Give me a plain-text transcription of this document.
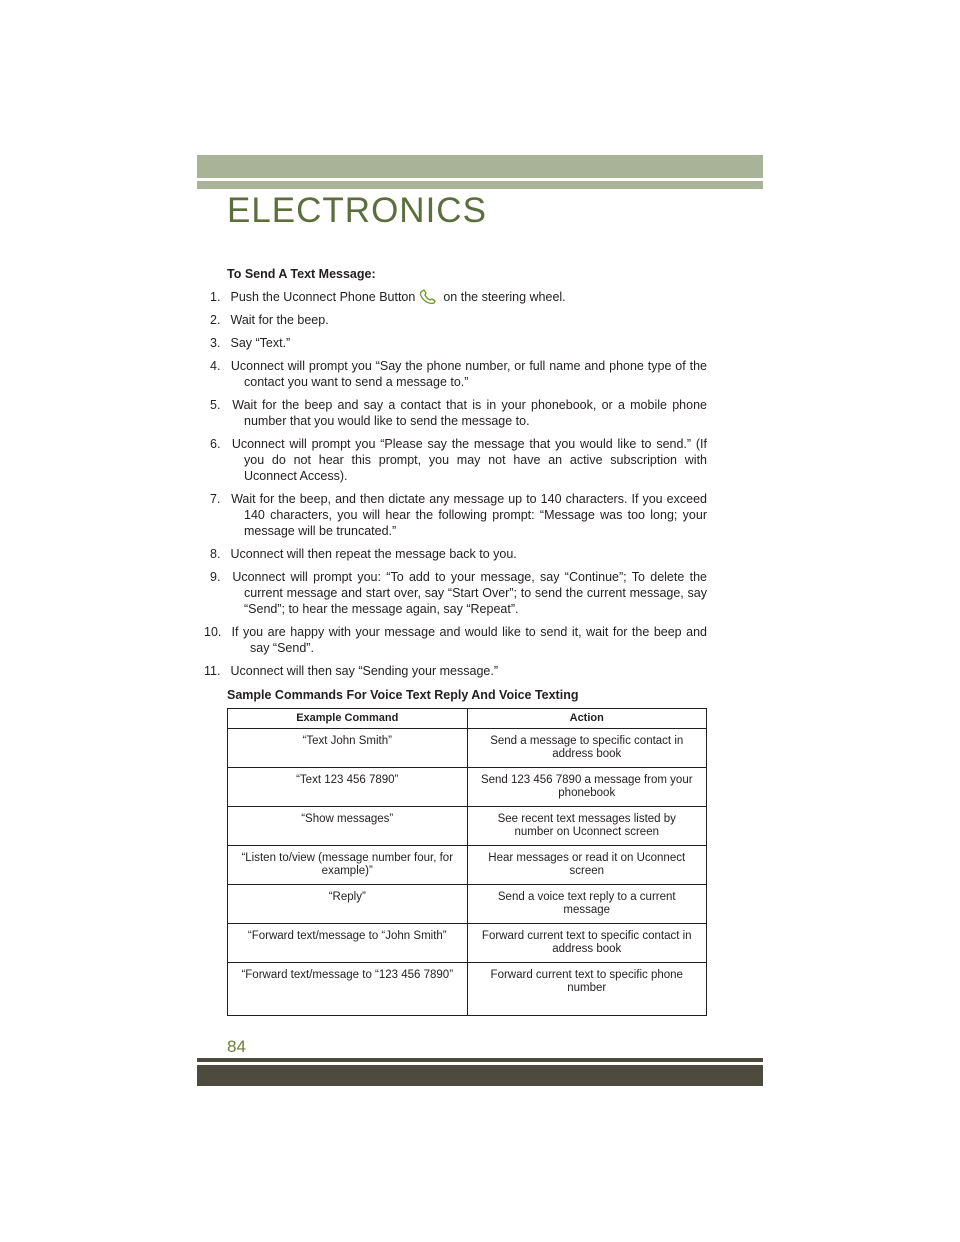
ELECTRONICS
To Send A Text Message:
1. Push the Uconnect Phone Button on the steering wheel.
2. Wait for the beep.
3. Say “Text.”
4. Uconnect will prompt you “Say the phone number, or full name and phone type of the contact you want to send a message to.”
5. Wait for the beep and say a contact that is in your phonebook, or a mobile phone number that you would like to send the message to.
6. Uconnect will prompt you “Please say the message that you would like to send.” (If you do not hear this prompt, you may not have an active subscription with Uconnect Access).
7. Wait for the beep, and then dictate any message up to 140 characters. If you exceed 140 characters, you will hear the following prompt: “Message was too long; your message will be truncated.”
8. Uconnect will then repeat the message back to you.
9. Uconnect will prompt you: “To add to your message, say “Continue”; To delete the current message and start over, say “Start Over”; to send the current message, say “Send”; to hear the message again, say “Repeat”.
10. If you are happy with your message and would like to send it, wait for the beep and say “Send”.
11. Uconnect will then say “Sending your message.”
Sample Commands For Voice Text Reply And Voice Texting
Example Command	Action
“Text John Smith”	Send a message to specific contact in address book
“Text 123 456 7890”	Send 123 456 7890 a message from your phonebook
“Show messages”	See recent text messages listed by number on Uconnect screen
“Listen to/view (message number four, for example)”	Hear messages or read it on Uconnect screen
“Reply”	Send a voice text reply to a current message
“Forward text/message to “John Smith”	Forward current text to specific contact in address book
“Forward text/message to “123 456 7890”	Forward current text to specific phone number
84
